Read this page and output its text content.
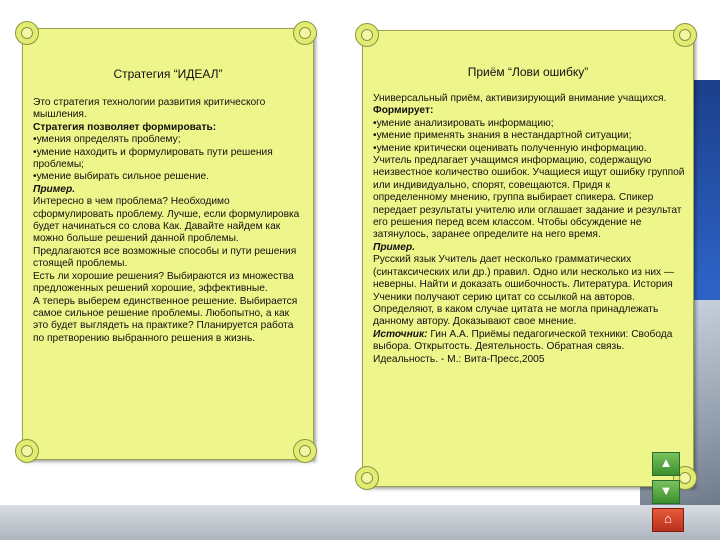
Стратегия “ИДЕАЛ”

Это стратегия технологии развития критического мышления.

Стратегия позволяет формировать:

•умения определять проблему;

•умение находить и формулировать пути решения проблемы;

•умение выбирать сильное решение.

Пример.

Интересно в чем проблема? Необходимо сформулировать проблему. Лучше, если формулировка будет начинаться со слова Как. Давайте найдем как можно больше решений данной проблемы. Предлагаются все возможные способы и пути решения стоящей проблемы.

Есть ли хорошие решения? Выбираются из множества предложенных решений хорошие, эффективные.

А теперь выберем единственное решение. Выбирается самое сильное решение проблемы. Любопытно, а как это будет выглядеть на практике? Планируется работа по претворению выбранного решения в жизнь.

Приём “Лови ошибку”

Универсальный приём, активизирующий внимание учащихся.

Формирует:

•умение анализировать информацию;

•умение применять знания в нестандартной ситуации;

•умение критически оценивать полученную информацию.

Учитель предлагает учащимся информацию, содержащую неизвестное количество ошибок. Учащиеся ищут ошибку группой или индивидуально, спорят, совещаются. Придя к определенному мнению, группа выбирает спикера. Спикер передает результаты учителю или оглашает задание и результат его решения перед всем классом. Чтобы обсуждение не затянулось, заранее определите на него время.

Пример.

Русский язык Учитель дает несколько грамматических (синтаксических или др.) правил. Одно или несколько из них — неверны. Найти и доказать ошибочность. Литература. История Ученики получают серию цитат со ссылкой на авторов. Определяют, в каком случае цитата не могла принадлежать данному автору. Доказывают свое мнение.

Источник: Гин А.А. Приёмы педагогической техники: Свобода выбора. Открытость. Деятельность. Обратная связь. Идеальность. - М.: Вита-Пресс,2005

▲
▼
⌂
